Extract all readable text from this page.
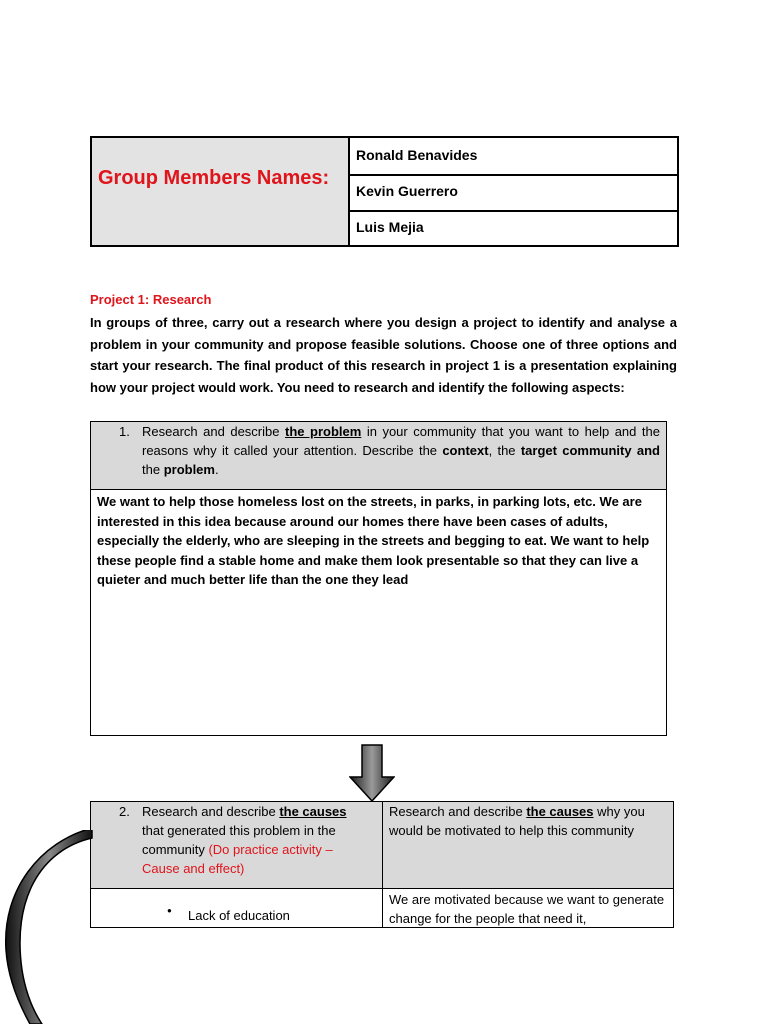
Group Members Names:
Ronald Benavides
Kevin Guerrero
Luis Mejia
Project 1: Research
In groups of three, carry out a research where you design a project to identify and analyse a problem in your community and propose feasible solutions. Choose one of three options and start your research. The final product of this research in project 1 is a presentation explaining how your project would work. You need to research and identify the following aspects:
1. Research and describe the problem in your community that you want to help and the reasons why it called your attention. Describe the context, the target community and the problem.
We want to help those homeless lost on the streets, in parks, in parking lots, etc. We are interested in this idea because around our homes there have been cases of adults, especially the elderly, who are sleeping in the streets and begging to eat. We want to help these people find a stable home and make them look presentable so that they can live a quieter and much better life than the one they lead
2. Research and describe the causes that generated this problem in the community (Do practice activity – Cause and effect)
Research and describe the causes why you would be motivated to help this community
● Lack of education
We are motivated because we want to generate change for the people that need it,
